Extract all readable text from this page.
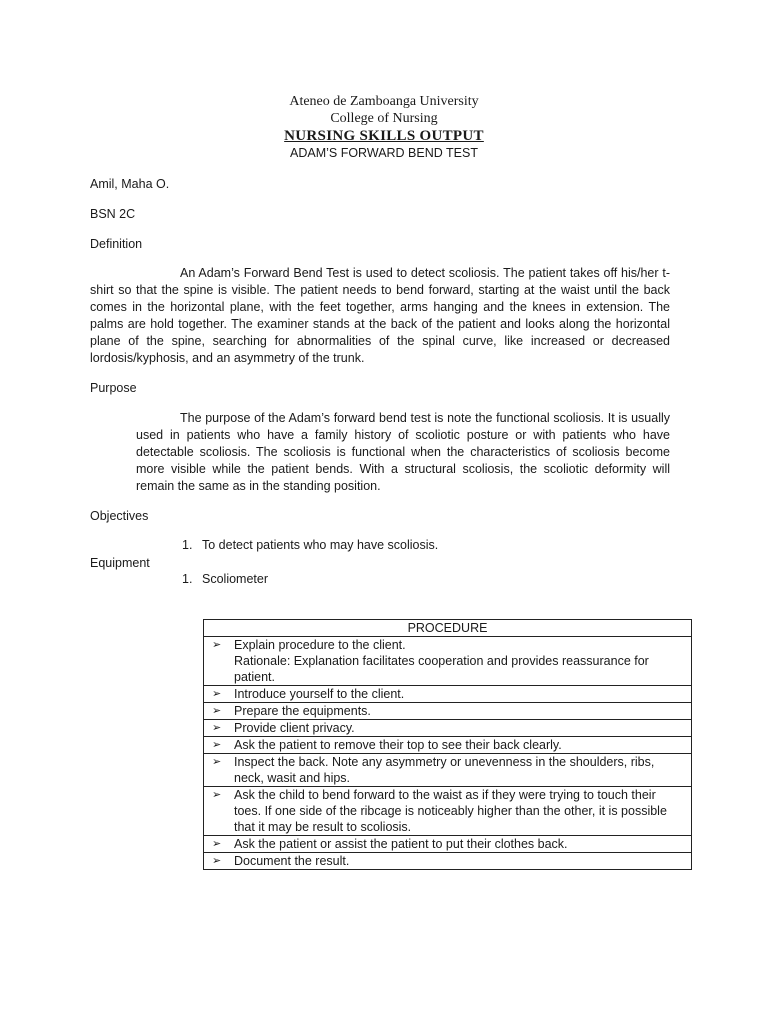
Ateneo de Zamboanga University
College of Nursing
NURSING SKILLS OUTPUT
ADAM’S FORWARD BEND TEST
Amil, Maha O.
BSN 2C
Definition
An Adam’s Forward Bend Test is used to detect scoliosis. The patient takes off his/her t-shirt so that the spine is visible. The patient needs to bend forward, starting at the waist until the back comes in the horizontal plane, with the feet together, arms hanging and the knees in extension. The palms are hold together. The examiner stands at the back of the patient and looks along the horizontal plane of the spine, searching for abnormalities of the spinal curve, like increased or decreased lordosis/kyphosis, and an asymmetry of the trunk.
Purpose
The purpose of the Adam’s forward bend test is note the functional scoliosis. It is usually used in patients who have a family history of scoliotic posture or with patients who have detectable scoliosis. The scoliosis is functional when the characteristics of scoliosis become more visible while the patient bends. With a structural scoliosis, the scoliotic deformity will remain the same as in the standing position.
Objectives
1. To detect patients who may have scoliosis.
Equipment
1. Scoliometer
PROCEDURE

➢ Explain procedure to the client.
Rationale: Explanation facilitates cooperation and provides reassurance for patient.

➢ Introduce yourself to the client.

➢ Prepare the equipments.

➢ Provide client privacy.

➢ Ask the patient to remove their top to see their back clearly.

➢ Inspect the back. Note any asymmetry or unevenness in the shoulders, ribs, neck, wasit and hips.

➢ Ask the child to bend forward to the waist as if they were trying to touch their toes. If one side of the ribcage is noticeably higher than the other, it is possible that it may be result to scoliosis.

➢ Ask the patient or assist the patient to put their clothes back.

➢ Document the result.
